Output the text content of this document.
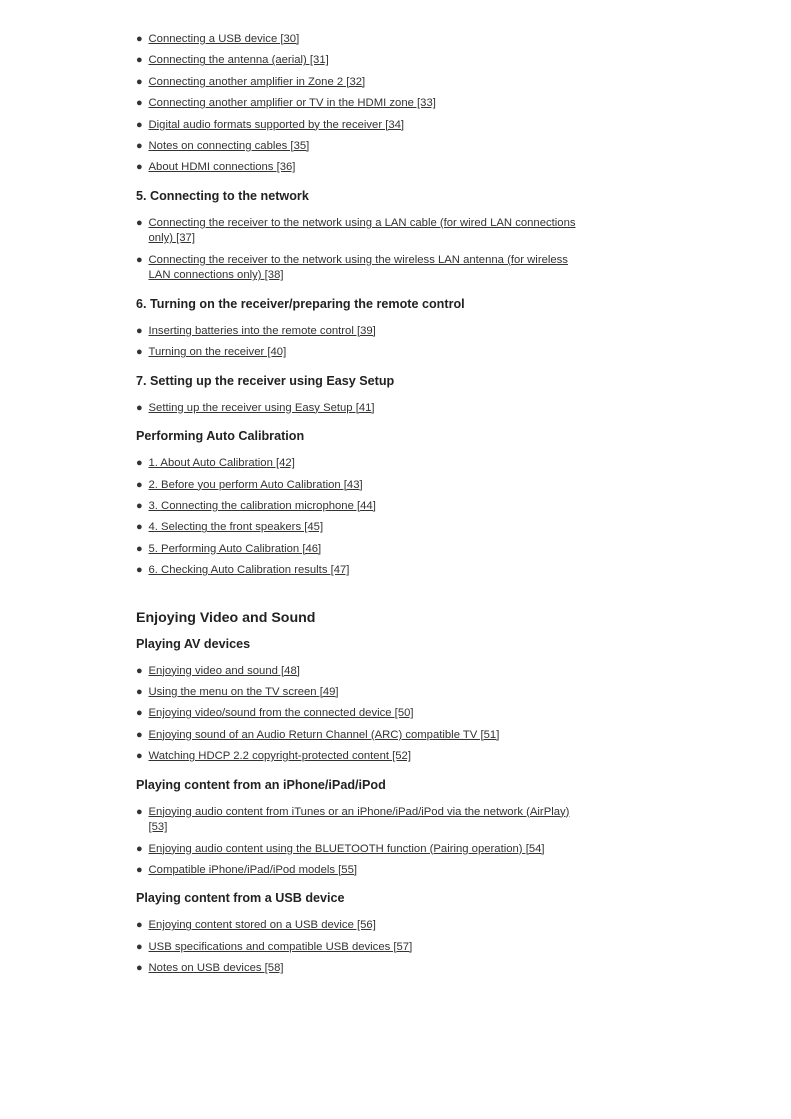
● Connecting a USB device [30]
● Connecting the antenna (aerial) [31]
● Connecting another amplifier in Zone 2 [32]
● Connecting another amplifier or TV in the HDMI zone [33]
● Digital audio formats supported by the receiver [34]
● Notes on connecting cables [35]
● About HDMI connections [36]
5. Connecting to the network
● Connecting the receiver to the network using a LAN cable (for wired LAN connections only) [37]
● Connecting the receiver to the network using the wireless LAN antenna (for wireless LAN connections only) [38]
6. Turning on the receiver/preparing the remote control
● Inserting batteries into the remote control [39]
● Turning on the receiver [40]
7. Setting up the receiver using Easy Setup
● Setting up the receiver using Easy Setup [41]
Performing Auto Calibration
● 1. About Auto Calibration [42]
● 2. Before you perform Auto Calibration [43]
● 3. Connecting the calibration microphone [44]
● 4. Selecting the front speakers [45]
● 5. Performing Auto Calibration [46]
● 6. Checking Auto Calibration results [47]
Enjoying Video and Sound
Playing AV devices
● Enjoying video and sound [48]
● Using the menu on the TV screen [49]
● Enjoying video/sound from the connected device [50]
● Enjoying sound of an Audio Return Channel (ARC) compatible TV [51]
● Watching HDCP 2.2 copyright-protected content [52]
Playing content from an iPhone/iPad/iPod
● Enjoying audio content from iTunes or an iPhone/iPad/iPod via the network (AirPlay) [53]
● Enjoying audio content using the BLUETOOTH function (Pairing operation) [54]
● Compatible iPhone/iPad/iPod models [55]
Playing content from a USB device
● Enjoying content stored on a USB device [56]
● USB specifications and compatible USB devices [57]
● Notes on USB devices [58]
